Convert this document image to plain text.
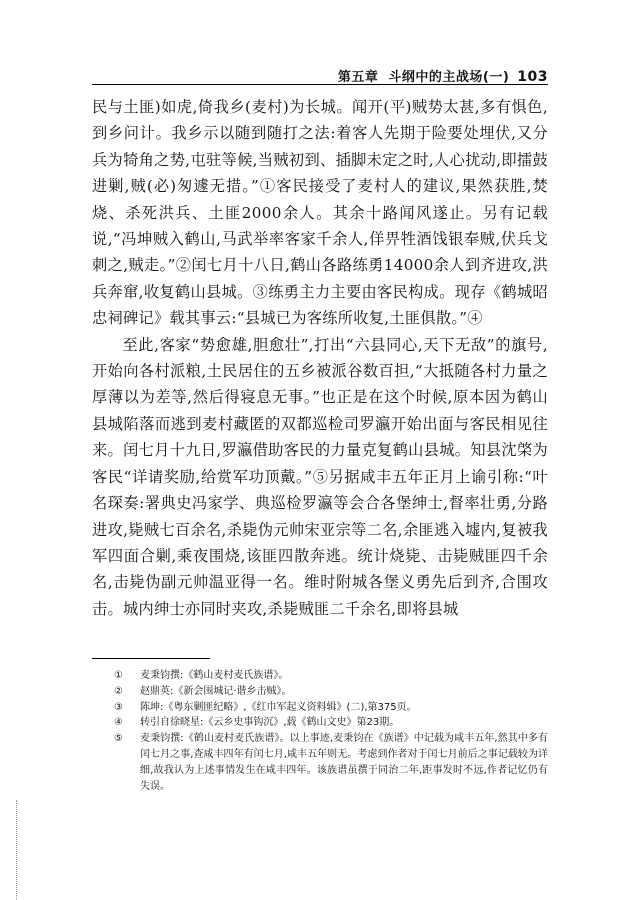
第五章 斗纲中的主战场(一) 103

民与土匪)如虎,倚我乡(麦村)为长城。闻开(平)贼势太甚,多有惧色,到乡问计。我乡示以随到随打之法:着客人先期于险要处埋伏,又分兵为犄角之势,屯驻等候,当贼初到、插脚未定之时,人心扰动,即擂鼓进剿,贼(必)匆遽无措。”①客民接受了麦村人的建议,果然获胜,焚烧、杀死洪兵、土匪2000余人。其余十路闻风遂止。另有记载说,“冯坤贼入鹤山,马武举率客家千余人,佯畀牲酒饯银奉贼,伏兵戈刺之,贼走。”②闰七月十八日,鹤山各路练勇14000余人到齐进攻,洪兵奔窜,收复鹤山县城。③练勇主力主要由客民构成。现存《鹤城昭忠祠碑记》载其事云:“县城已为客练所收复,土匪俱散。”④

至此,客家“势愈雄,胆愈壮”,打出“六县同心,天下无敌”的旗号,开始向各村派粮,土民居住的五乡被派谷数百担,“大抵随各村力量之厚薄以为差等,然后得寝息无事。”也正是在这个时候,原本因为鹤山县城陷落而逃到麦村藏匿的双都巡检司罗瀛开始出面与客民相见往来。闰七月十九日,罗瀛借助客民的力量克复鹤山县城。知县沈棨为客民“详请奖励,给赏军功顶戴。”⑤另据咸丰五年正月上谕引称:“叶名琛奏:署典史冯家学、典巡检罗瀛等会合各堡绅士,督率壮勇,分路进攻,毙贼七百余名,杀毙伪元帅宋亚宗等二名,余匪逃入墟内,复被我军四面合剿,乘夜围烧,该匪四散奔逃。统计烧毙、击毙贼匪四千余名,击毙伪副元帅温亚得一名。维时附城各堡义勇先后到齐,合围攻击。城内绅士亦同时夹攻,杀毙贼匪二千余名,即将县城

①	麦秉钧撰:《鹤山麦村麦氏族谱》。
②	赵鼎英:《新会围城记·谐乡击贼》。
③	陈坤:《粤东剿匪纪略》,《红巾军起义资料辑》(二),第375页。
④	转引自徐晓星:《云乡史事钩沉》,载《鹤山文史》第23期。
⑤	麦秉钧撰:《鹤山麦村麦氏族谱》。以上事迹,麦秉钧在《族谱》中记载为咸丰五年,然其中多有闰七月之事,查咸丰四年有闰七月,咸丰五年则无。考虑到作者对于闰七月前后之事记载较为详细,故我认为上述事情发生在咸丰四年。该族谱虽撰于同治二年,距事发时不远,作者记忆仍有失误。
